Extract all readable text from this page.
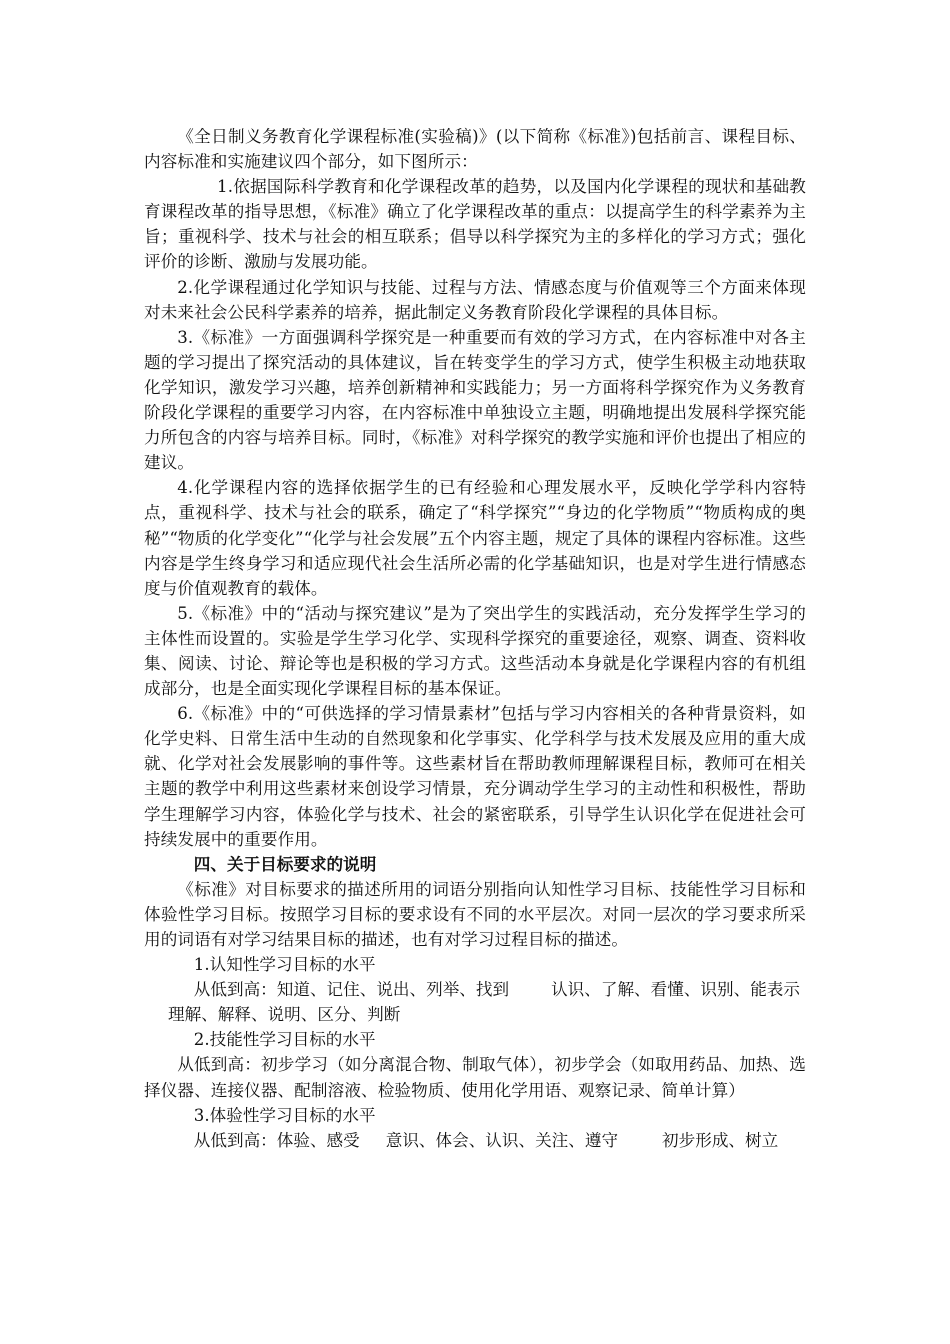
《全日制义务教育化学课程标准(实验稿)》(以下简称《标准》)包括前言、课程目标、内容标准和实施建议四个部分，如下图所示：

1.依据国际科学教育和化学课程改革的趋势，以及国内化学课程的现状和基础教育课程改革的指导思想，《标准》确立了化学课程改革的重点：以提高学生的科学素养为主旨；重视科学、技术与社会的相互联系；倡导以科学探究为主的多样化的学习方式；强化评价的诊断、激励与发展功能。

2.化学课程通过化学知识与技能、过程与方法、情感态度与价值观等三个方面来体现对未来社会公民科学素养的培养，据此制定义务教育阶段化学课程的具体目标。

3.《标准》一方面强调科学探究是一种重要而有效的学习方式，在内容标准中对各主题的学习提出了探究活动的具体建议，旨在转变学生的学习方式，使学生积极主动地获取化学知识，激发学习兴趣，培养创新精神和实践能力；另一方面将科学探究作为义务教育阶段化学课程的重要学习内容，在内容标准中单独设立主题，明确地提出发展科学探究能力所包含的内容与培养目标。同时，《标准》对科学探究的教学实施和评价也提出了相应的建议。

4.化学课程内容的选择依据学生的已有经验和心理发展水平，反映化学学科内容特点，重视科学、技术与社会的联系，确定了“科学探究”“身边的化学物质”“物质构成的奥秘”“物质的化学变化”“化学与社会发展”五个内容主题，规定了具体的课程内容标准。这些内容是学生终身学习和适应现代社会生活所必需的化学基础知识，也是对学生进行情感态度与价值观教育的载体。

5.《标准》中的“活动与探究建议”是为了突出学生的实践活动，充分发挥学生学习的主体性而设置的。实验是学生学习化学、实现科学探究的重要途径，观察、调查、资料收集、阅读、讨论、辩论等也是积极的学习方式。这些活动本身就是化学课程内容的有机组成部分，也是全面实现化学课程目标的基本保证。

6.《标准》中的“可供选择的学习情景素材”包括与学习内容相关的各种背景资料，如化学史料、日常生活中生动的自然现象和化学事实、化学科学与技术发展及应用的重大成就、化学对社会发展影响的事件等。这些素材旨在帮助教师理解课程目标，教师可在相关主题的教学中利用这些素材来创设学习情景，充分调动学生学习的主动性和积极性，帮助学生理解学习内容，体验化学与技术、社会的紧密联系，引导学生认识化学在促进社会可持续发展中的重要作用。

四、关于目标要求的说明

《标准》对目标要求的描述所用的词语分别指向认知性学习目标、技能性学习目标和体验性学习目标。按照学习目标的要求设有不同的水平层次。对同一层次的学习要求所采用的词语有对学习结果目标的描述，也有对学习过程目标的描述。

1.认知性学习目标的水平

从低到高：知道、记住、说出、列举、找到	认识、了解、看懂、识别、能表示理解、解释、说明、区分、判断

2.技能性学习目标的水平

从低到高：初步学习（如分离混合物、制取气体），初步学会（如取用药品、加热、选择仪器、连接仪器、配制溶液、检验物质、使用化学用语、观察记录、简单计算）

3.体验性学习目标的水平

从低到高：体验、感受 意识、体会、认识、关注、遵守	初步形成、树立
